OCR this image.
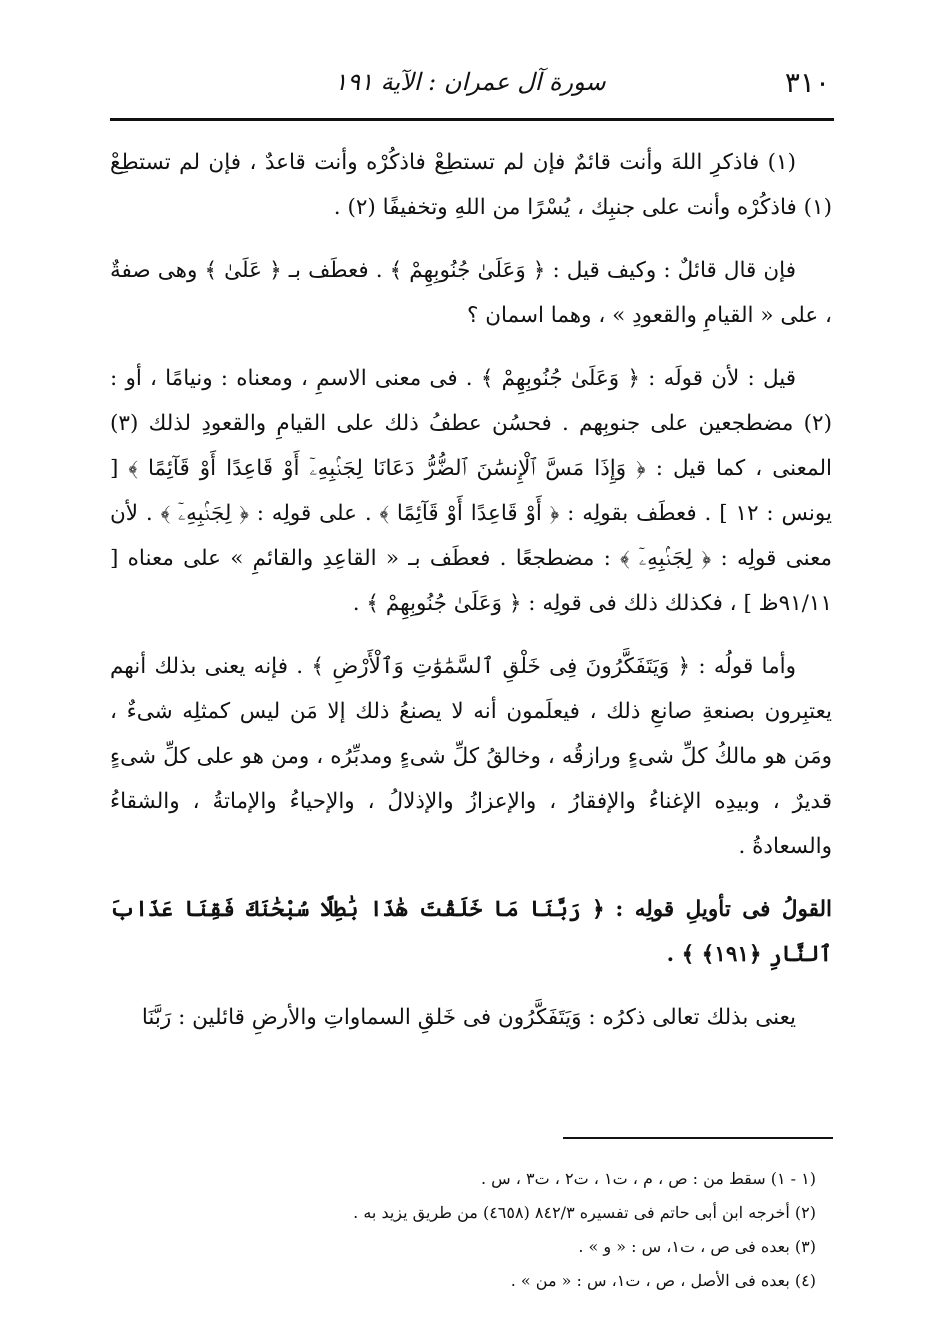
٣١٠
سورة آل عمران : الآية ١٩١

(١) فاذكرِ اللهَ وأنت قائمٌ فإن لم تستطِعْ فاذكُرْه وأنت قاعدٌ ، فإن لم تستطِعْ (١) فاذكُرْه وأنت على جنبِك ، يُسْرًا من اللهِ وتخفيفًا (٢) .

فإن قال قائلٌ : وكيف قيل : ﴿ وَعَلَىٰ جُنُوبِهِمْ ﴾ . فعطَف بـ ﴿ عَلَىٰ ﴾ وهى صفةٌ ، على « القيامِ والقعودِ » ، وهما اسمان ؟

قيل : لأن قولَه : ﴿ وَعَلَىٰ جُنُوبِهِمْ ﴾ . فى معنى الاسمِ ، ومعناه : ونيامًا ، أو : (٢) مضطجعين على جنوبِهم . فحسُن عطفُ ذلك على القيامِ والقعودِ لذلك (٣) المعنى ، كما قيل : ﴿ وَإِذَا مَسَّ ٱلْإِنسَٰنَ ٱلضُّرُّ دَعَانَا لِجَنۢبِهِۦٓ أَوْ قَاعِدًا أَوْ قَآئِمًا ﴾ [ يونس : ١٢ ] . فعطَف بقولِه : ﴿ أَوْ قَاعِدًا أَوْ قَآئِمًا ﴾ . على قولِه : ﴿ لِجَنۢبِهِۦٓ ﴾ . لأن معنى قولِه : ﴿ لِجَنۢبِهِۦٓ ﴾ : مضطجعًا . فعطَف بـ « القاعِدِ والقائمِ » على معناه [ ٩١/١١ظ ] ، فكذلك ذلك فى قولِه : ﴿ وَعَلَىٰ جُنُوبِهِمْ ﴾ .

وأما قولُه : ﴿ وَيَتَفَكَّرُونَ فِى خَلْقِ ٱلسَّمَٰوَٰتِ وَٱلْأَرْضِ ﴾ . فإنه يعنى بذلك أنهم يعتبِرون بصنعةِ صانعِ ذلك ، فيعلَمون أنه لا يصنعُ ذلك إلا مَن ليس كمثلِه شىءٌ ، ومَن هو مالكُ كلِّ شىءٍ ورازقُه ، وخالقُ كلِّ شىءٍ ومدبِّرُه ، ومن هو على كلِّ شىءٍ قديرٌ ، وبيدِه الإغناءُ والإفقارُ ، والإعزازُ والإذلالُ ، والإحياءُ والإماتةُ ، والشقاءُ والسعادةُ .

القولُ فى تأويلِ قولِه : ﴿ رَبَّنَا مَا خَلَقْتَ هَٰذَا بَٰطِلًا سُبْحَٰنَكَ فَقِنَا عَذَابَ ٱلنَّارِ ﴿١٩١﴾ ﴾ .

يعنى بذلك تعالى ذكرُه : وَيَتَفَكَّرُون فى خَلقِ السماواتِ والأرضِ قائلين : رَبَّنَا

(١ - ١) سقط من : ص ، م ، ت١ ، ت٢ ، ت٣ ، س .

(٢) أخرجه ابن أبى حاتم فى تفسيره ٨٤٢/٣ (٤٦٥٨) من طريق يزيد به .

(٣) بعده فى ص ، ت١، س : « و » .

(٤) بعده فى الأصل ، ص ، ت١، س : « من » .
